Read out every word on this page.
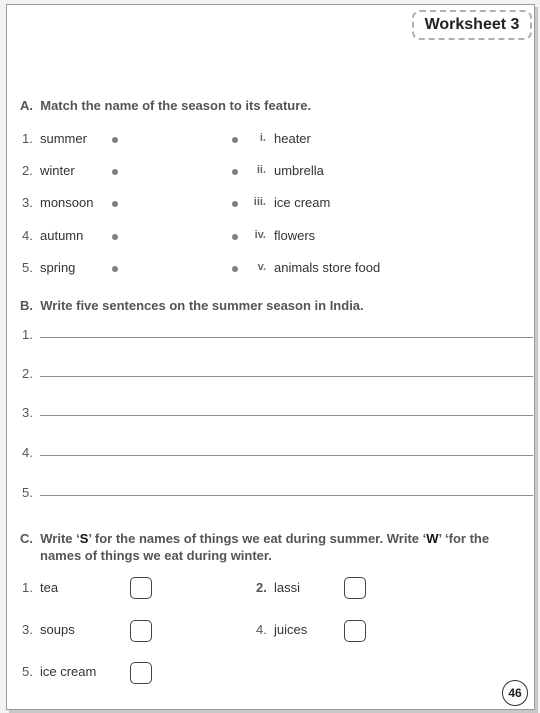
Worksheet 3
A. Match the name of the season to its feature.
1. summer
2. winter
3. monsoon
4. autumn
5. spring
i. heater
ii. umbrella
iii. ice cream
iv. flowers
v. animals store food
B. Write five sentences on the summer season in India.
1.
2.
3.
4.
5.
C. Write ‘S’ for the names of things we eat during summer. Write ‘W’ ‘for the
names of things we eat during winter.
1. tea	2. lassi
3. soups	4. juices
5. ice cream
46
